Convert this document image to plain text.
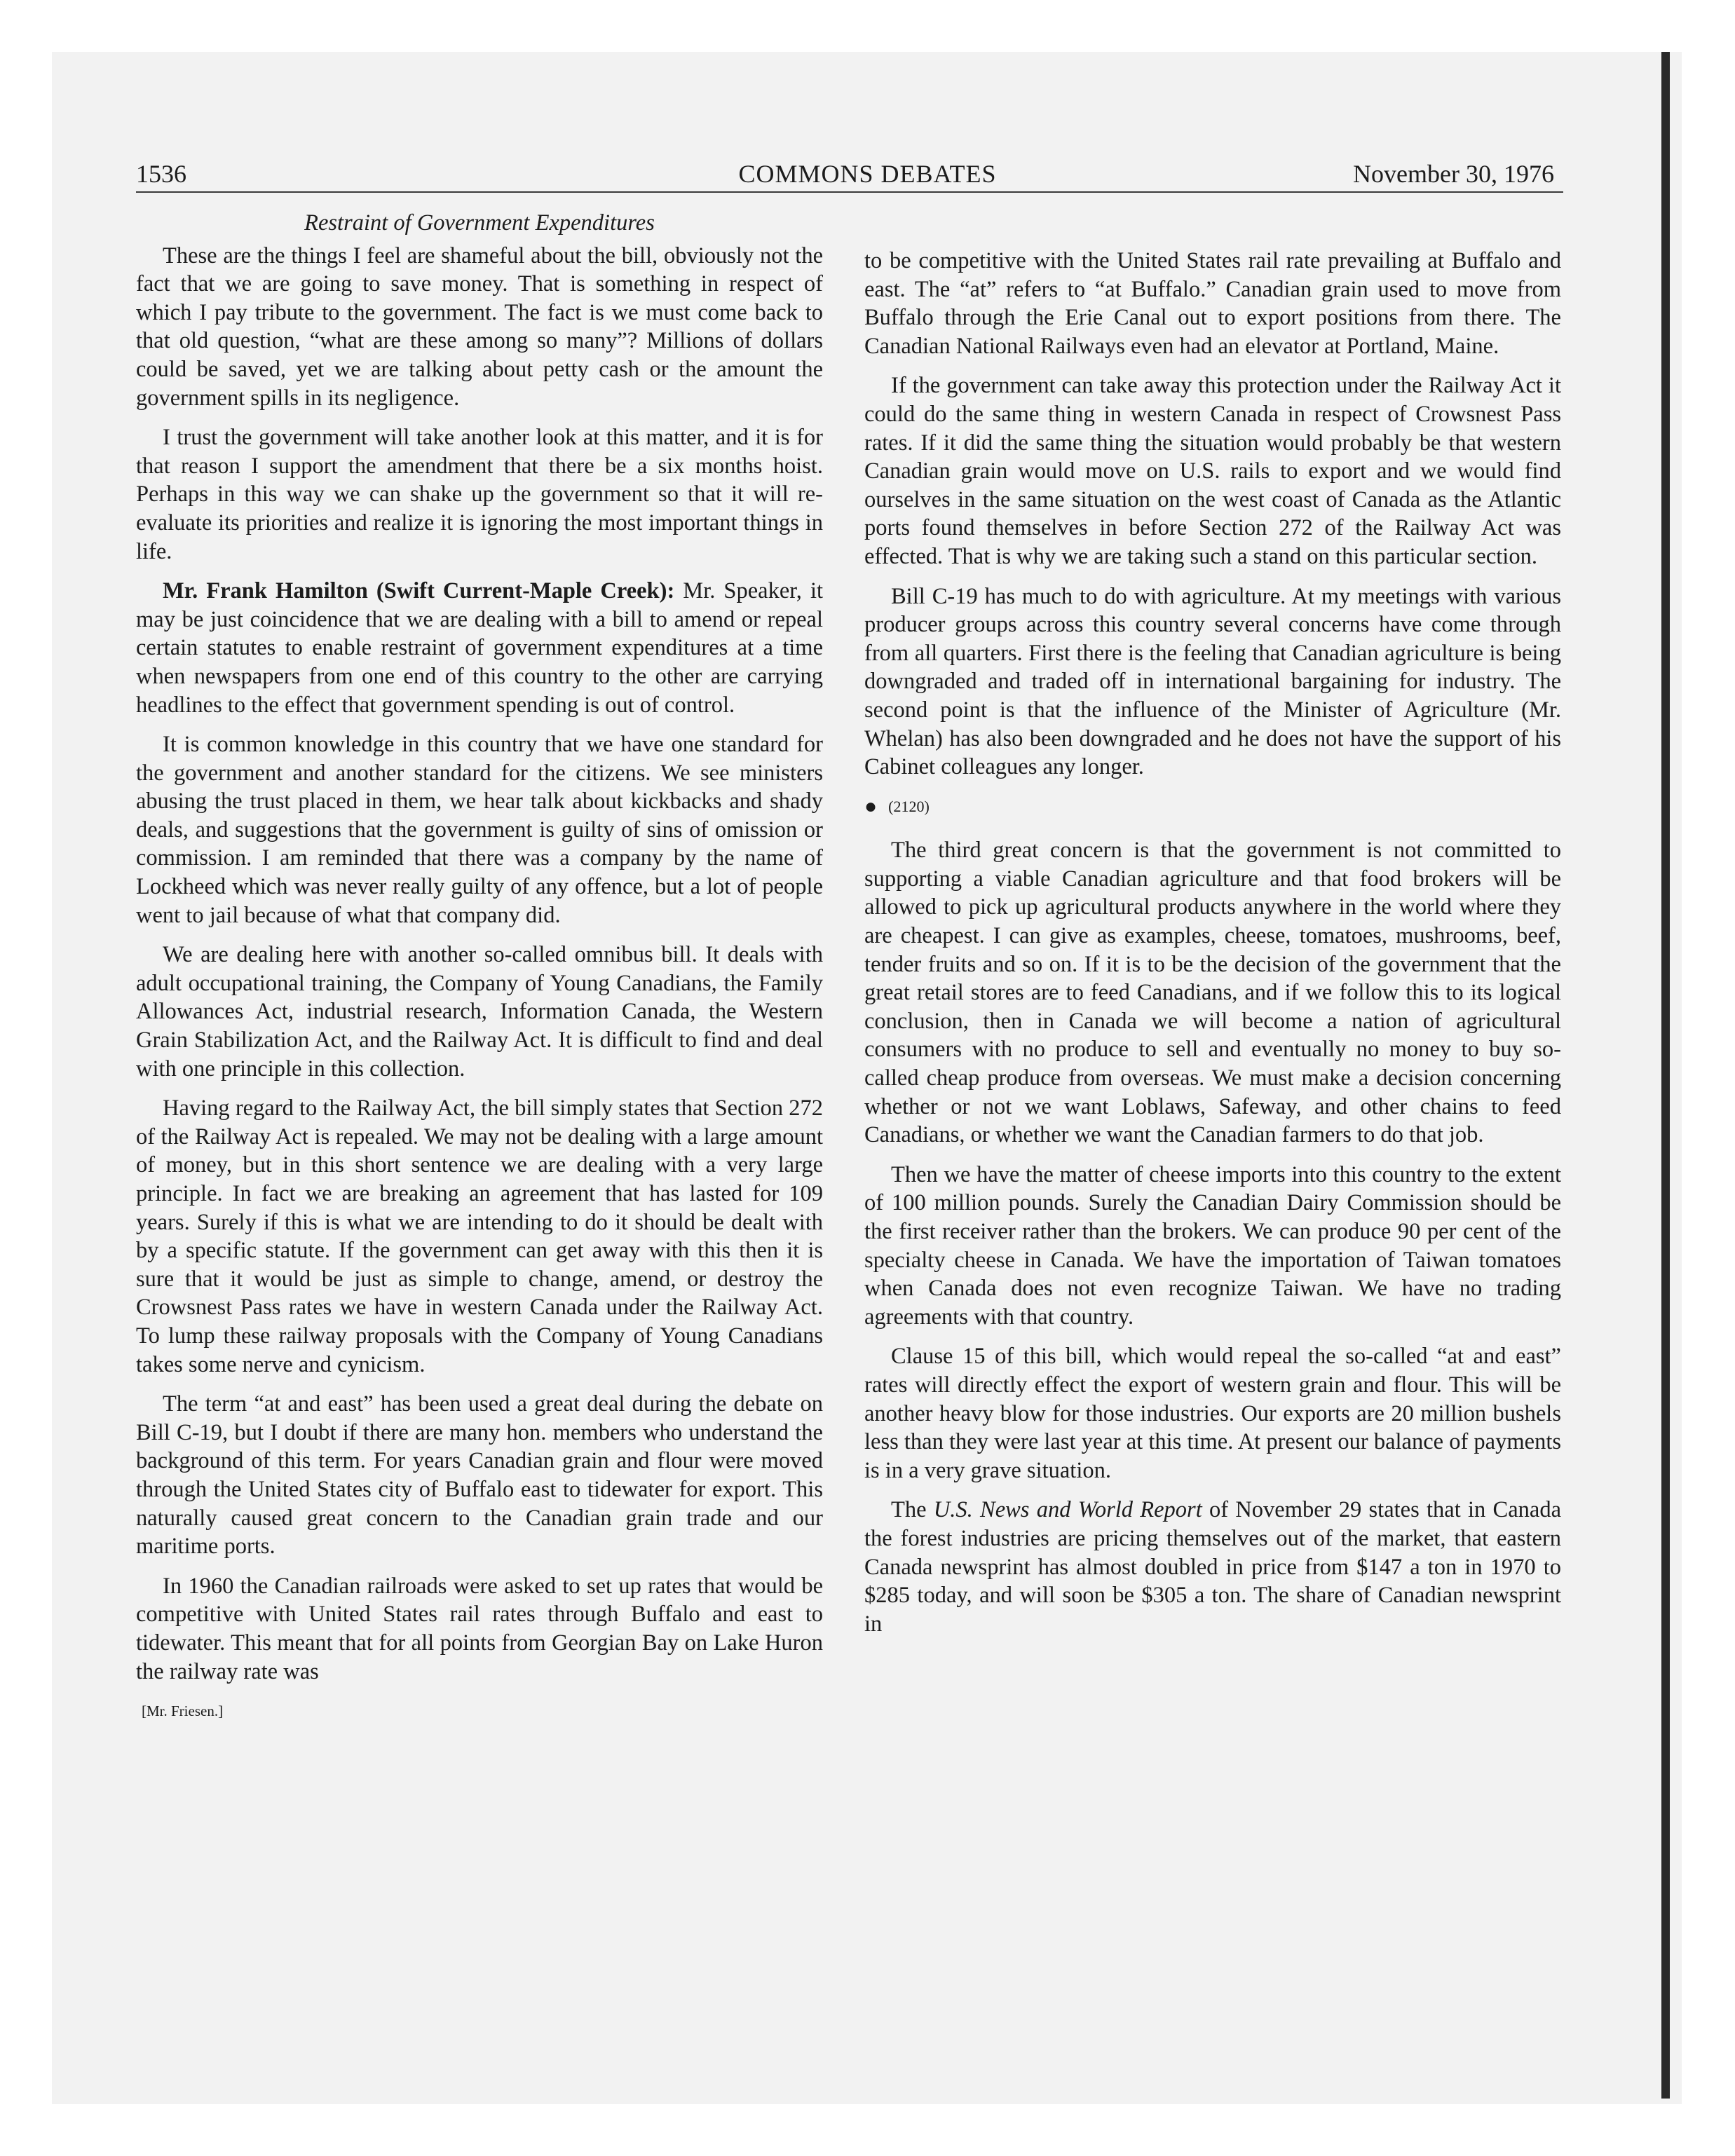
1536	COMMONS DEBATES	November 30, 1976
Restraint of Government Expenditures

These are the things I feel are shameful about the bill, obviously not the fact that we are going to save money. That is something in respect of which I pay tribute to the government. The fact is we must come back to that old question, “what are these among so many”? Millions of dollars could be saved, yet we are talking about petty cash or the amount the government spills in its negligence.

I trust the government will take another look at this matter, and it is for that reason I support the amendment that there be a six months hoist. Perhaps in this way we can shake up the government so that it will re-evaluate its priorities and realize it is ignoring the most important things in life.

Mr. Frank Hamilton (Swift Current-Maple Creek): Mr. Speaker, it may be just coincidence that we are dealing with a bill to amend or repeal certain statutes to enable restraint of government expenditures at a time when newspapers from one end of this country to the other are carrying headlines to the effect that government spending is out of control.

It is common knowledge in this country that we have one standard for the government and another standard for the citizens. We see ministers abusing the trust placed in them, we hear talk about kickbacks and shady deals, and suggestions that the government is guilty of sins of omission or commission. I am reminded that there was a company by the name of Lockheed which was never really guilty of any offence, but a lot of people went to jail because of what that company did.

We are dealing here with another so-called omnibus bill. It deals with adult occupational training, the Company of Young Canadians, the Family Allowances Act, industrial research, Information Canada, the Western Grain Stabilization Act, and the Railway Act. It is difficult to find and deal with one principle in this collection.

Having regard to the Railway Act, the bill simply states that Section 272 of the Railway Act is repealed. We may not be dealing with a large amount of money, but in this short sentence we are dealing with a very large principle. In fact we are breaking an agreement that has lasted for 109 years. Surely if this is what we are intending to do it should be dealt with by a specific statute. If the government can get away with this then it is sure that it would be just as simple to change, amend, or destroy the Crowsnest Pass rates we have in western Canada under the Railway Act. To lump these railway proposals with the Company of Young Canadians takes some nerve and cynicism.

The term “at and east” has been used a great deal during the debate on Bill C-19, but I doubt if there are many hon. members who understand the background of this term. For years Canadian grain and flour were moved through the United States city of Buffalo east to tidewater for export. This naturally caused great concern to the Canadian grain trade and our maritime ports.

In 1960 the Canadian railroads were asked to set up rates that would be competitive with United States rail rates through Buffalo and east to tidewater. This meant that for all points from Georgian Bay on Lake Huron the railway rate was

[Mr. Friesen.]

to be competitive with the United States rail rate prevailing at Buffalo and east. The “at” refers to “at Buffalo.” Canadian grain used to move from Buffalo through the Erie Canal out to export positions from there. The Canadian National Railways even had an elevator at Portland, Maine.

If the government can take away this protection under the Railway Act it could do the same thing in western Canada in respect of Crowsnest Pass rates. If it did the same thing the situation would probably be that western Canadian grain would move on U.S. rails to export and we would find ourselves in the same situation on the west coast of Canada as the Atlantic ports found themselves in before Section 272 of the Railway Act was effected. That is why we are taking such a stand on this particular section.

Bill C-19 has much to do with agriculture. At my meetings with various producer groups across this country several concerns have come through from all quarters. First there is the feeling that Canadian agriculture is being downgraded and traded off in international bargaining for industry. The second point is that the influence of the Minister of Agriculture (Mr. Whelan) has also been downgraded and he does not have the support of his Cabinet colleagues any longer.

● (2120)

The third great concern is that the government is not committed to supporting a viable Canadian agriculture and that food brokers will be allowed to pick up agricultural products anywhere in the world where they are cheapest. I can give as examples, cheese, tomatoes, mushrooms, beef, tender fruits and so on. If it is to be the decision of the government that the great retail stores are to feed Canadians, and if we follow this to its logical conclusion, then in Canada we will become a nation of agricultural consumers with no produce to sell and eventually no money to buy so-called cheap produce from overseas. We must make a decision concerning whether or not we want Loblaws, Safeway, and other chains to feed Canadians, or whether we want the Canadian farmers to do that job.

Then we have the matter of cheese imports into this country to the extent of 100 million pounds. Surely the Canadian Dairy Commission should be the first receiver rather than the brokers. We can produce 90 per cent of the specialty cheese in Canada. We have the importation of Taiwan tomatoes when Canada does not even recognize Taiwan. We have no trading agreements with that country.

Clause 15 of this bill, which would repeal the so-called “at and east” rates will directly effect the export of western grain and flour. This will be another heavy blow for those industries. Our exports are 20 million bushels less than they were last year at this time. At present our balance of payments is in a very grave situation.

The U.S. News and World Report of November 29 states that in Canada the forest industries are pricing themselves out of the market, that eastern Canada newsprint has almost doubled in price from $147 a ton in 1970 to $285 today, and will soon be $305 a ton. The share of Canadian newsprint in
